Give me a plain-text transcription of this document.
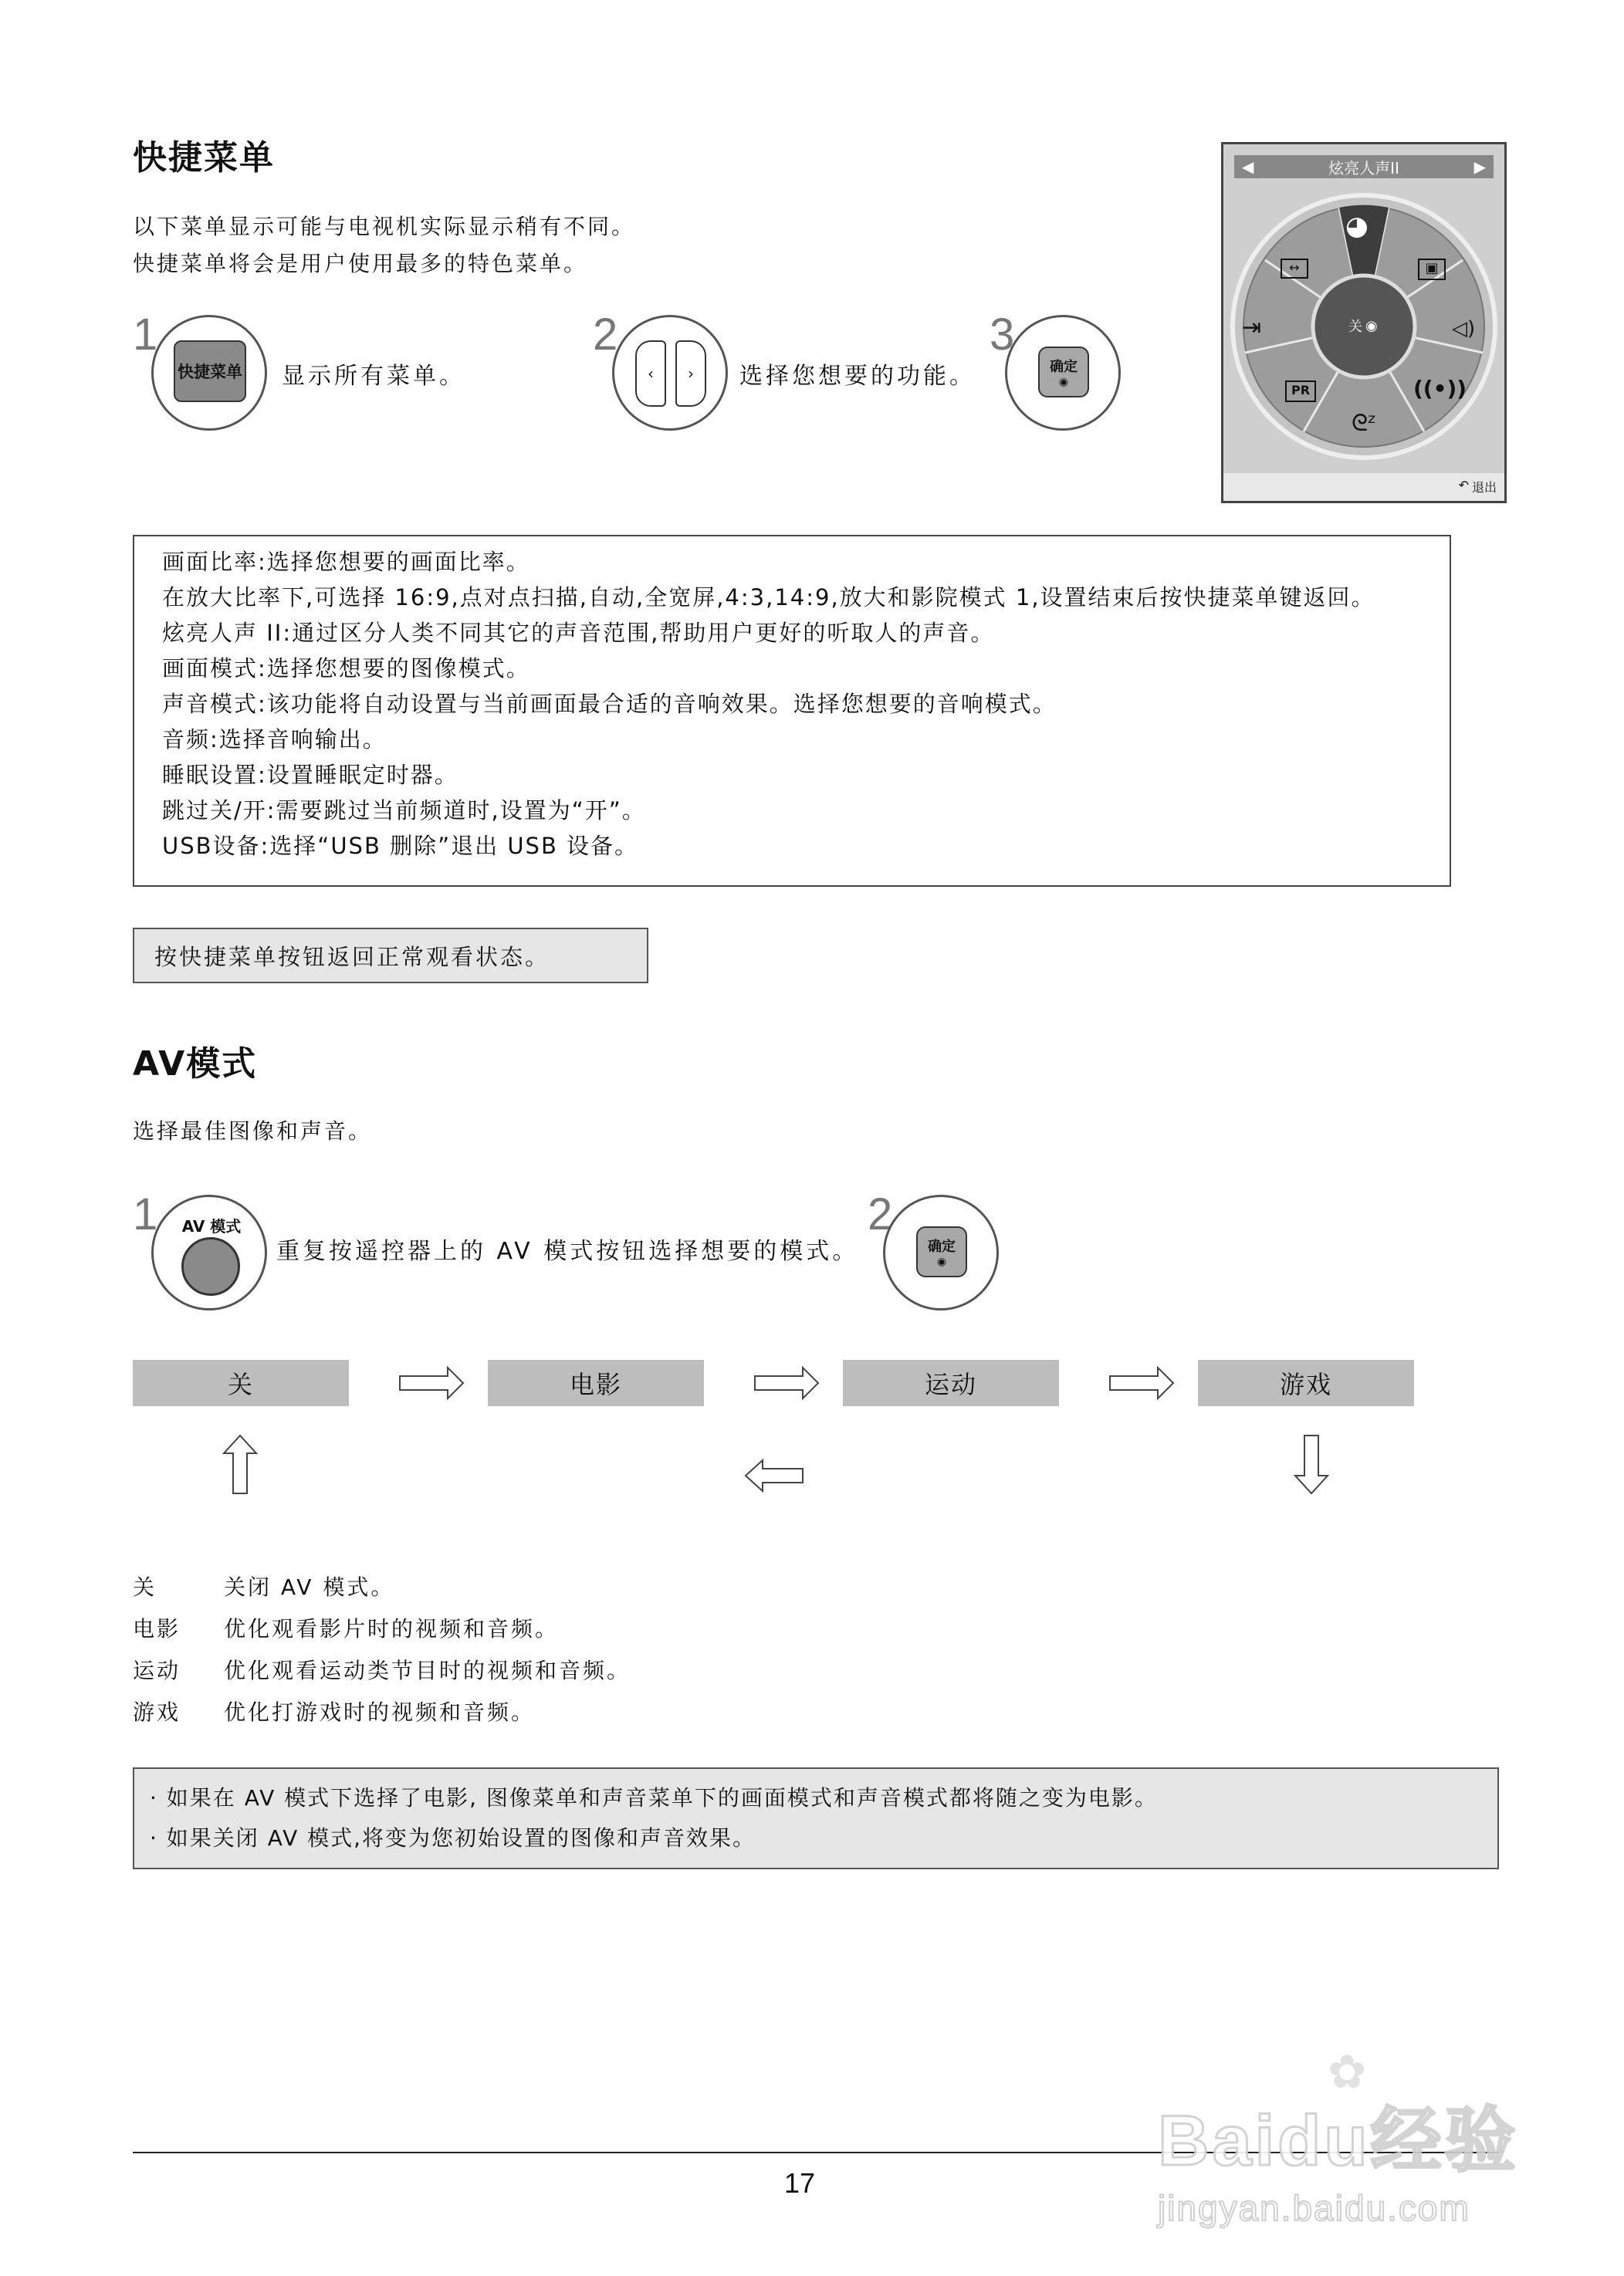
快捷菜单
以下菜单显示可能与电视机实际显示稍有不同。
快捷菜单将会是用户使用最多的特色菜单。
1
快捷菜单 显示所有菜单。
2
‹	›	选择您想要的功能。
3
确定
◉
◀	炫亮人声II	▶
◕
↔	▣
⇥	◁)
关 ◉
PR	((•))
ᘓᶻ
↶ 退出
画面比率:选择您想要的画面比率。
在放大比率下,可选择 16:9,点对点扫描,自动,全宽屏,4:3,14:9,放大和影院模式 1,设置结束后按快捷菜单键返回。
炫亮人声 II:通过区分人类不同其它的声音范围,帮助用户更好的听取人的声音。
画面模式:选择您想要的图像模式。
声音模式:该功能将自动设置与当前画面最合适的音响效果。选择您想要的音响模式。
音频:选择音响输出。
睡眠设置:设置睡眠定时器。
跳过关/开:需要跳过当前频道时,设置为“开”。
USB设备:选择“USB 删除”退出 USB 设备。
按快捷菜单按钮返回正常观看状态。
AV模式
选择最佳图像和声音。
1	AV 模式
重复按遥控器上的 AV 模式按钮选择想要的模式。
2
确定
◉
关	电影	运动	游戏
关	关闭 AV 模式。
电影 优化观看影片时的视频和音频。
运动 优化观看运动类节目时的视频和音频。
游戏 优化打游戏时的视频和音频。
· 如果在 AV 模式下选择了电影, 图像菜单和声音菜单下的画面模式和声音模式都将随之变为电影。
· 如果关闭 AV 模式,将变为您初始设置的图像和声音效果。
17
Baidu经验
✿
jingyan.baidu.com
